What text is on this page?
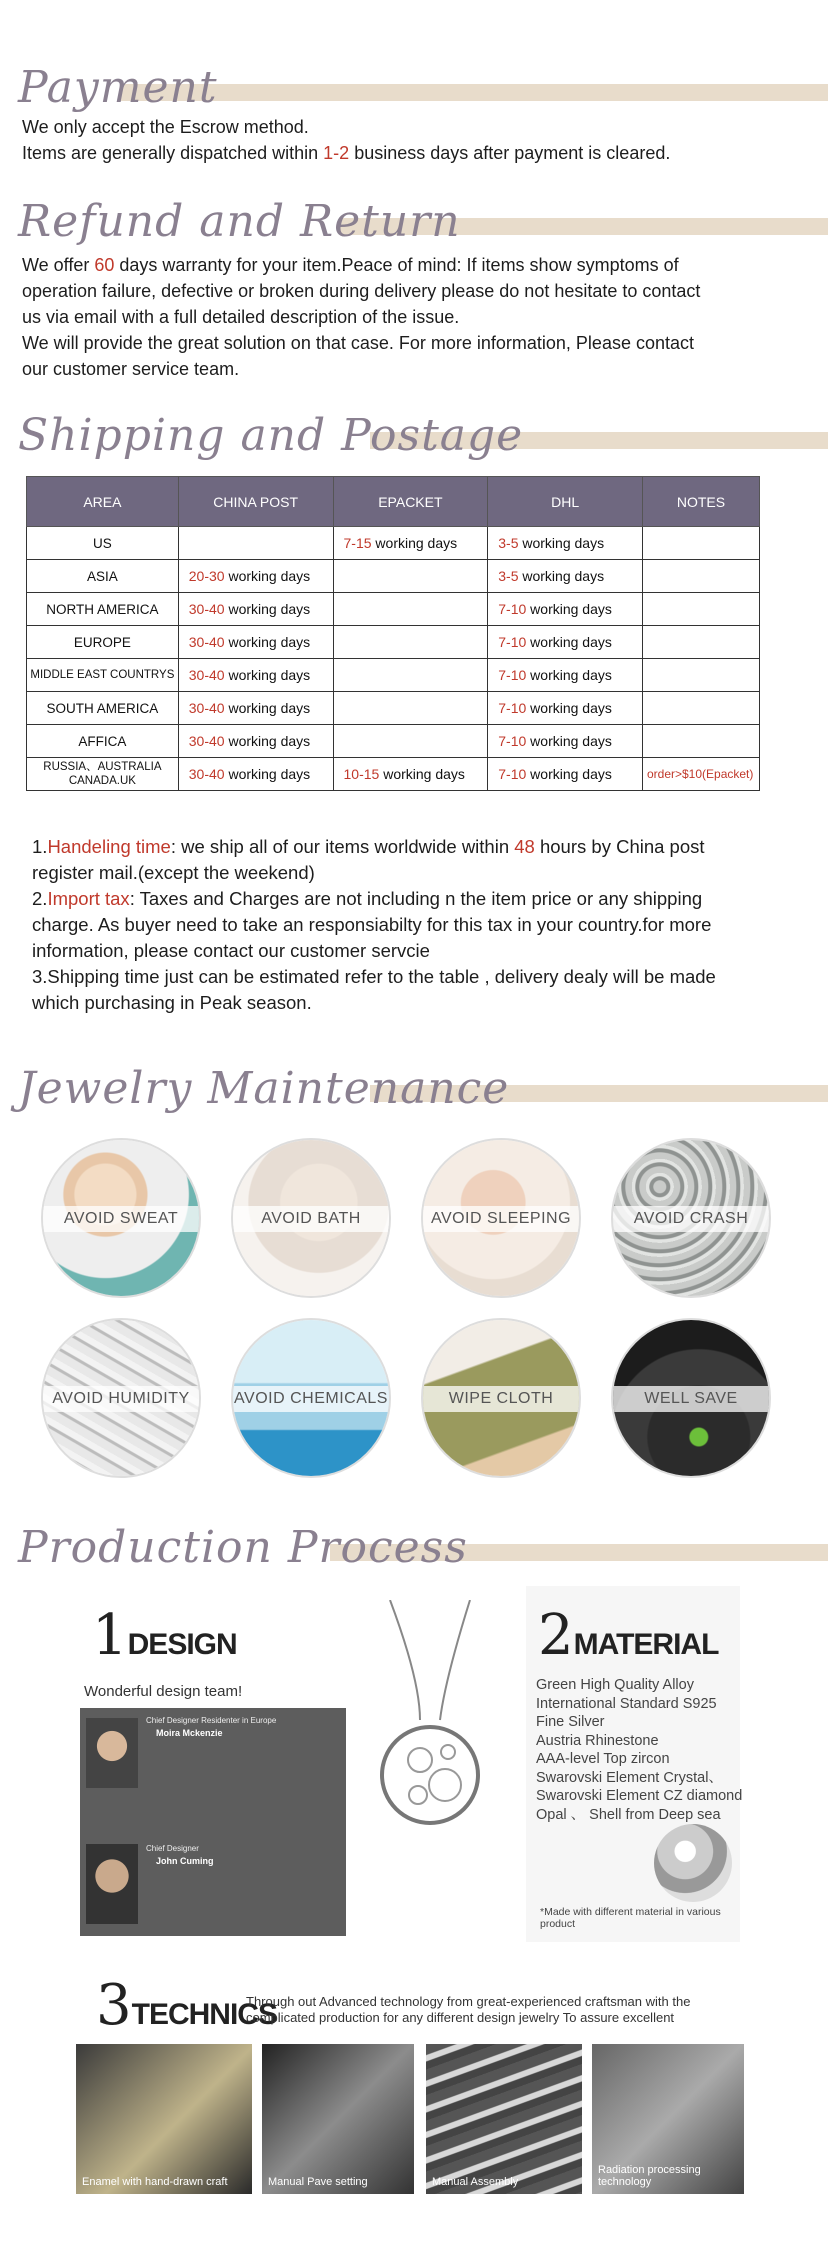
Payment
We only accept the Escrow method.
Items are generally dispatched within 1-2 business days after payment is cleared.
Refund and Return
We offer 60 days warranty for your item.Peace of mind: If items show symptoms of
operation failure, defective or broken during delivery please do not hesitate to contact
us via email with a full detailed description of the issue.
We will provide the great solution on that case. For more information, Please contact
our customer service team.
Shipping and Postage
AREA	CHINA POST	EPACKET	DHL	NOTES
US		7-15 working days	3-5 working days	
ASIA	20-30 working days		3-5 working days	
NORTH AMERICA	30-40 working days		7-10 working days	
EUROPE	30-40 working days		7-10 working days	
MIDDLE EAST COUNTRYS	30-40 working days		7-10 working days	
SOUTH AMERICA	30-40 working days		7-10 working days	
AFFICA	30-40 working days		7-10 working days	
RUSSIA、AUSTRALIA CANADA.UK	30-40 working days	10-15 working days	7-10 working days	order>$10(Epacket)
1.Handeling time: we ship all of our items worldwide within 48 hours by China post
register mail.(except the weekend)
2.Import tax: Taxes and Charges are not including n the item price or any shipping
charge. As buyer need to take an responsiabilty for this tax in your country.for more
information, please contact our customer servcie
3.Shipping time just can be estimated refer to the table , delivery dealy will be made
which purchasing in Peak season.
Jewelry Maintenance
AVOID SWEAT	AVOID BATH	AVOID SLEEPING	AVOID CRASH
AVOID HUMIDITY	AVOID CHEMICALS	WIPE CLOTH	WELL SAVE
Production Process
1DESIGN
Wonderful design team!
Chief Designer Residenter in Europe
Moira Mckenzie
Chief Designer
John Cuming
2MATERIAL
Green High Quality Alloy
International Standard S925
Fine Silver
Austria Rhinestone
AAA-level Top zircon
Swarovski Element Crystal、
Swarovski Element CZ diamond
Opal 、 Shell from Deep sea
*Made with different material in various product
3TECHNICS
Through out Advanced technology from great-experienced craftsman with the
complicated production for any different design jewelry To assure excellent
Enamel with hand-drawn craft	Manual Pave setting	Manual Assembly
Radiation processing technology
